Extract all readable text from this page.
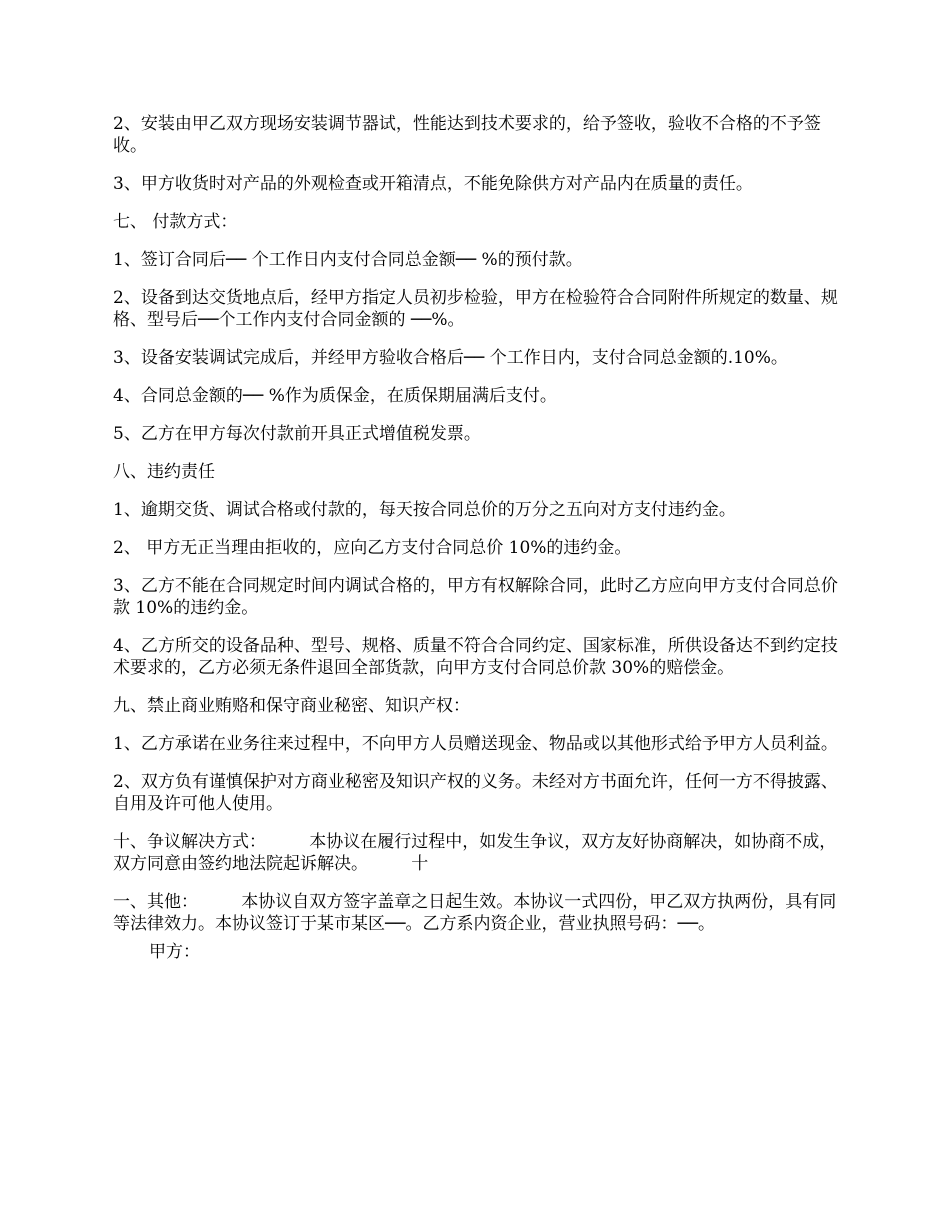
2、安装由甲乙双方现场安装调节器试，性能达到技术要求的，给予签收，验收不合格的不予签收。

3、甲方收货时对产品的外观检查或开箱清点，不能免除供方对产品内在质量的责任。

七、 付款方式：

1、签订合同后── 个工作日内支付合同总金额── %的预付款。

2、设备到达交货地点后，经甲方指定人员初步检验，甲方在检验符合合同附件所规定的数量、规格、型号后──个工作内支付合同金额的 ──%。

3、设备安装调试完成后，并经甲方验收合格后── 个工作日内，支付合同总金额的.10%。

4、合同总金额的── %作为质保金，在质保期届满后支付。

5、乙方在甲方每次付款前开具正式增值税发票。

八、违约责任

1、逾期交货、调试合格或付款的，每天按合同总价的万分之五向对方支付违约金。

2、 甲方无正当理由拒收的，应向乙方支付合同总价 10%的违约金。

3、乙方不能在合同规定时间内调试合格的，甲方有权解除合同，此时乙方应向甲方支付合同总价款 10%的违约金。

4、乙方所交的设备品种、型号、规格、质量不符合合同约定、国家标准，所供设备达不到约定技术要求的，乙方必须无条件退回全部货款，向甲方支付合同总价款 30%的赔偿金。

九、禁止商业贿赂和保守商业秘密、知识产权：

1、乙方承诺在业务往来过程中，不向甲方人员赠送现金、物品或以其他形式给予甲方人员利益。

2、双方负有谨慎保护对方商业秘密及知识产权的义务。未经对方书面允许，任何一方不得披露、自用及许可他人使用。

十、争议解决方式：        本协议在履行过程中，如发生争议，双方友好协商解决，如协商不成，双方同意由签约地法院起诉解决。        十

一、其他：        本协议自双方签字盖章之日起生效。本协议一式四份，甲乙双方执两份，具有同等法律效力。本协议签订于某市某区──。乙方系内资企业，营业执照号码：──。

甲方：
